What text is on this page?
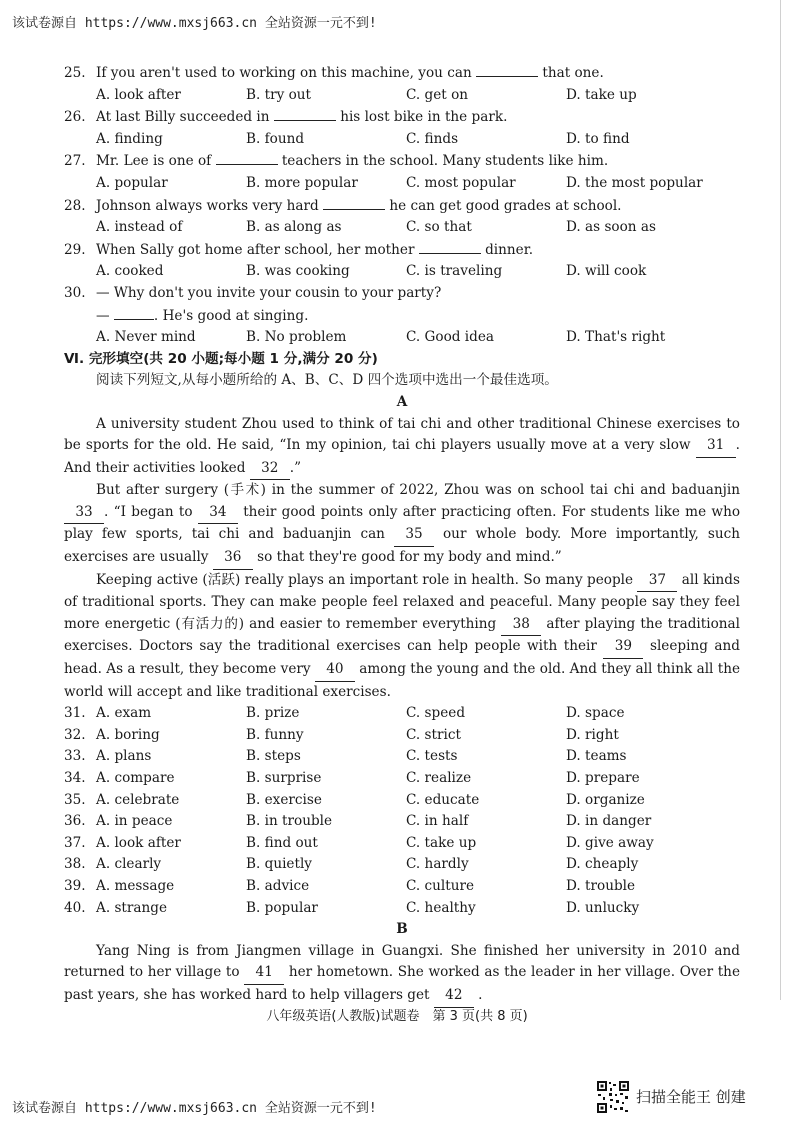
该试卷源自 https://www.mxsj663.cn 全站资源一元不到!
25. If you aren't used to working on this machine, you can	that one.
A. look after	B. try out	C. get on	D. take up
26. At last Billy succeeded in	his lost bike in the park.
A. finding	B. found	C. finds	D. to find
27. Mr. Lee is one of	teachers in the school. Many students like him.
A. popular	B. more popular	C. most popular	D. the most popular
28. Johnson always works very hard	he can get good grades at school.
A. instead of	B. as along as	C. so that	D. as soon as
29. When Sally got home after school, her mother	dinner.
A. cooked	B. was cooking	C. is traveling	D. will cook
30. — Why don't you invite your cousin to your party?
—	. He's good at singing.
A. Never mind	B. No problem	C. Good idea	D. That's right
Ⅵ. 完形填空(共 20 小题;每小题 1 分,满分 20 分)
阅读下列短文,从每小题所给的 A、B、C、D 四个选项中选出一个最佳选项。

A

A university student Zhou used to think of tai chi and other traditional Chinese exercises to be sports for the old. He said, “In my opinion, tai chi players usually move at a very slow 31 . And their activities looked 32 .”

But after surgery (手术) in the summer of 2022, Zhou was on school tai chi and baduanjin 33 . “I began to 34 their good points only after practicing often. For students like me who play few sports, tai chi and baduanjin can 35 our whole body. More importantly, such exercises are usually 36 so that they're good for my body and mind.”

Keeping active (活跃) really plays an important role in health. So many people 37 all kinds of traditional sports. They can make people feel relaxed and peaceful. Many people say they feel more energetic (有活力的) and easier to remember everything 38 after playing the traditional exercises. Doctors say the traditional exercises can help people with their 39 sleeping and head. As a result, they become very 40 among the young and the old. And they all think all the world will accept and like traditional exercises.

31. A. exam	B. prize	C. speed	D. space
32. A. boring	B. funny	C. strict	D. right
33. A. plans	B. steps	C. tests	D. teams
34. A. compare	B. surprise	C. realize	D. prepare
35. A. celebrate	B. exercise	C. educate	D. organize
36. A. in peace	B. in trouble	C. in half	D. in danger
37. A. look after	B. find out	C. take up	D. give away
38. A. clearly	B. quietly	C. hardly	D. cheaply
39. A. message	B. advice	C. culture	D. trouble
40. A. strange	B. popular	C. healthy	D. unlucky

B

Yang Ning is from Jiangmen village in Guangxi. She finished her university in 2010 and returned to her village to 41 her hometown. She worked as the leader in her village. Over the past years, she has worked hard to help villagers get 42 .

八年级英语(人教版)试题卷　第 3 页(共 8 页)
该试卷源自 https://www.mxsj663.cn 全站资源一元不到!
扫描全能王 创建
